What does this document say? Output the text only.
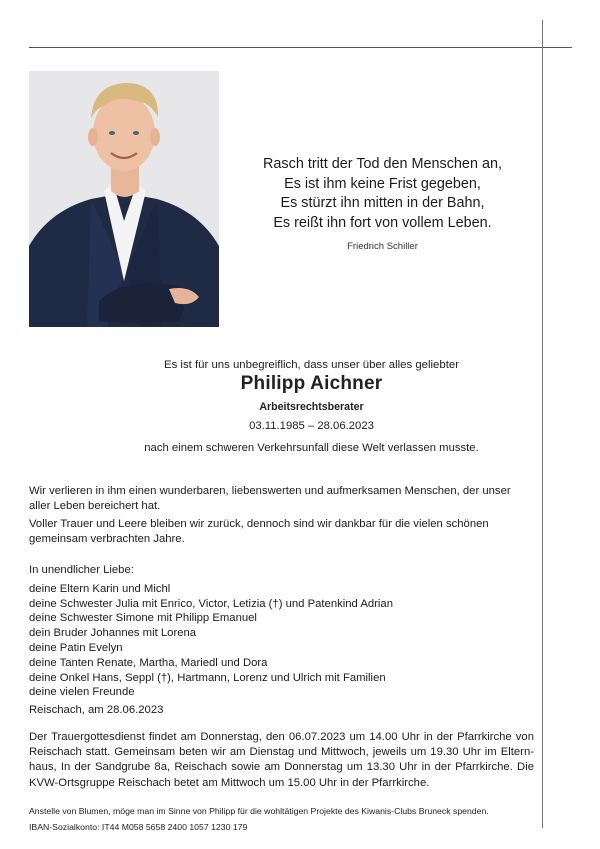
Rasch tritt der Tod den Menschen an,
Es ist ihm keine Frist gegeben,
Es stürzt ihn mitten in der Bahn,
Es reißt ihn fort von vollem Leben.
Friedrich Schiller
Es ist für uns unbegreiflich, dass unser über alles geliebter
Philipp Aichner
Arbeitsrechtsberater
03.11.1985 – 28.06.2023
nach einem schweren Verkehrsunfall diese Welt verlassen musste.
Wir verlieren in ihm einen wunderbaren, liebenswerten und aufmerksamen Menschen, der unser aller Leben bereichert hat.
Voller Trauer und Leere bleiben wir zurück, dennoch sind wir dankbar für die vielen schönen gemeinsam verbrachten Jahre.
In unendlicher Liebe:
deine Eltern Karin und Michl
deine Schwester Julia mit Enrico, Victor, Letizia (†) und Patenkind Adrian
deine Schwester Simone mit Philipp Emanuel
dein Bruder Johannes mit Lorena
deine Patin Evelyn
deine Tanten Renate, Martha, Mariedl und Dora
deine Onkel Hans, Seppl (†), Hartmann, Lorenz und Ulrich mit Familien
deine vielen Freunde
Reischach, am 28.06.2023
Der Trauergottesdienst findet am Donnerstag, den 06.07.2023 um 14.00 Uhr in der Pfarrkirche von Reischach statt. Gemeinsam beten wir am Dienstag und Mittwoch, jeweils um 19.30 Uhr im Eltern-haus, In der Sandgrube 8a, Reischach sowie am Donnerstag um 13.30 Uhr in der Pfarrkirche. Die KVW-Ortsgruppe Reischach betet am Mittwoch um 15.00 Uhr in der Pfarrkirche.
Anstelle von Blumen, möge man im Sinne von Philipp für die wohltätigen Projekte des Kiwanis-Clubs Bruneck spenden.
IBAN-Sozialkonto: IT44 M058 5658 2400 1057 1230 179
